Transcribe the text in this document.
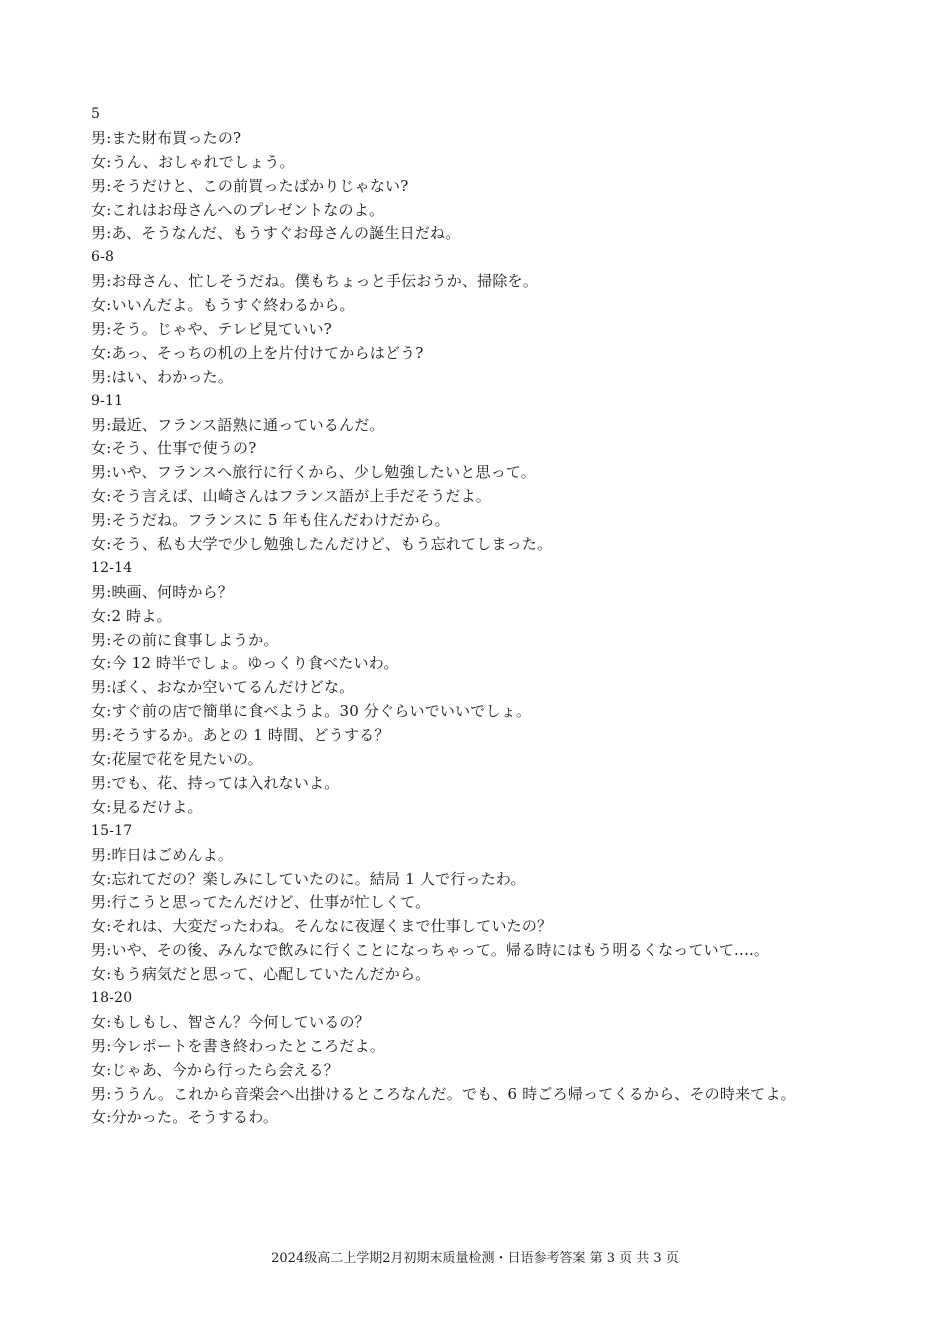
5
男:また財布買ったの?
女:うん、おしゃれでしょう。
男:そうだけと、この前買ったばかりじゃない?
女:これはお母さんへのプレゼントなのよ。
男:あ、そうなんだ、もうすぐお母さんの誕生日だね。
6-8
男:お母さん、忙しそうだね。僕もちょっと手伝おうか、掃除を。
女:いいんだよ。もうすぐ終わるから。
男:そう。じゃや、テレビ見ていい?
女:あっ、そっちの机の上を片付けてからはどう?
男:はい、わかった。
9-11
男:最近、フランス語熟に通っているんだ。
女:そう、仕事で使うの?
男:いや、フランスへ旅行に行くから、少し勉強したいと思って。
女:そう言えば、山崎さんはフランス語が上手だそうだよ。
男:そうだね。フランスに 5 年も住んだわけだから。
女:そう、私も大学で少し勉強したんだけど、もう忘れてしまった。
12-14
男:映画、何時から？
女:2 時よ。
男:その前に食事しようか。
女:今 12 時半でしょ。ゆっくり食べたいわ。
男:ぼく、おなか空いてるんだけどな。
女:すぐ前の店で簡単に食べようよ。30 分ぐらいでいいでしょ。
男:そうするか。あとの 1 時間、どうする？
女:花屋で花を見たいの。
男:でも、花、持っては入れないよ。
女:見るだけよ。
15-17
男:昨日はごめんよ。
女:忘れてだの？楽しみにしていたのに。結局 1 人で行ったわ。
男:行こうと思ってたんだけど、仕事が忙しくて。
女:それは、大変だったわね。そんなに夜遅くまで仕事していたの？
男:いや、その後、みんなで飲みに行くことになっちゃって。帰る時にはもう明るくなっていて....。
女:もう病気だと思って、心配していたんだから。
18-20
女:もしもし、智さん？今何しているの？
男:今レポートを書き終わったところだよ。
女:じゃあ、今から行ったら会える？
男:ううん。これから音楽会へ出掛けるところなんだ。でも、6 時ごろ帰ってくるから、その時来てよ。
女:分かった。そうするわ。
2024级高二上学期2月初期末质量检测・日语参考答案 第 3 页 共 3 页
